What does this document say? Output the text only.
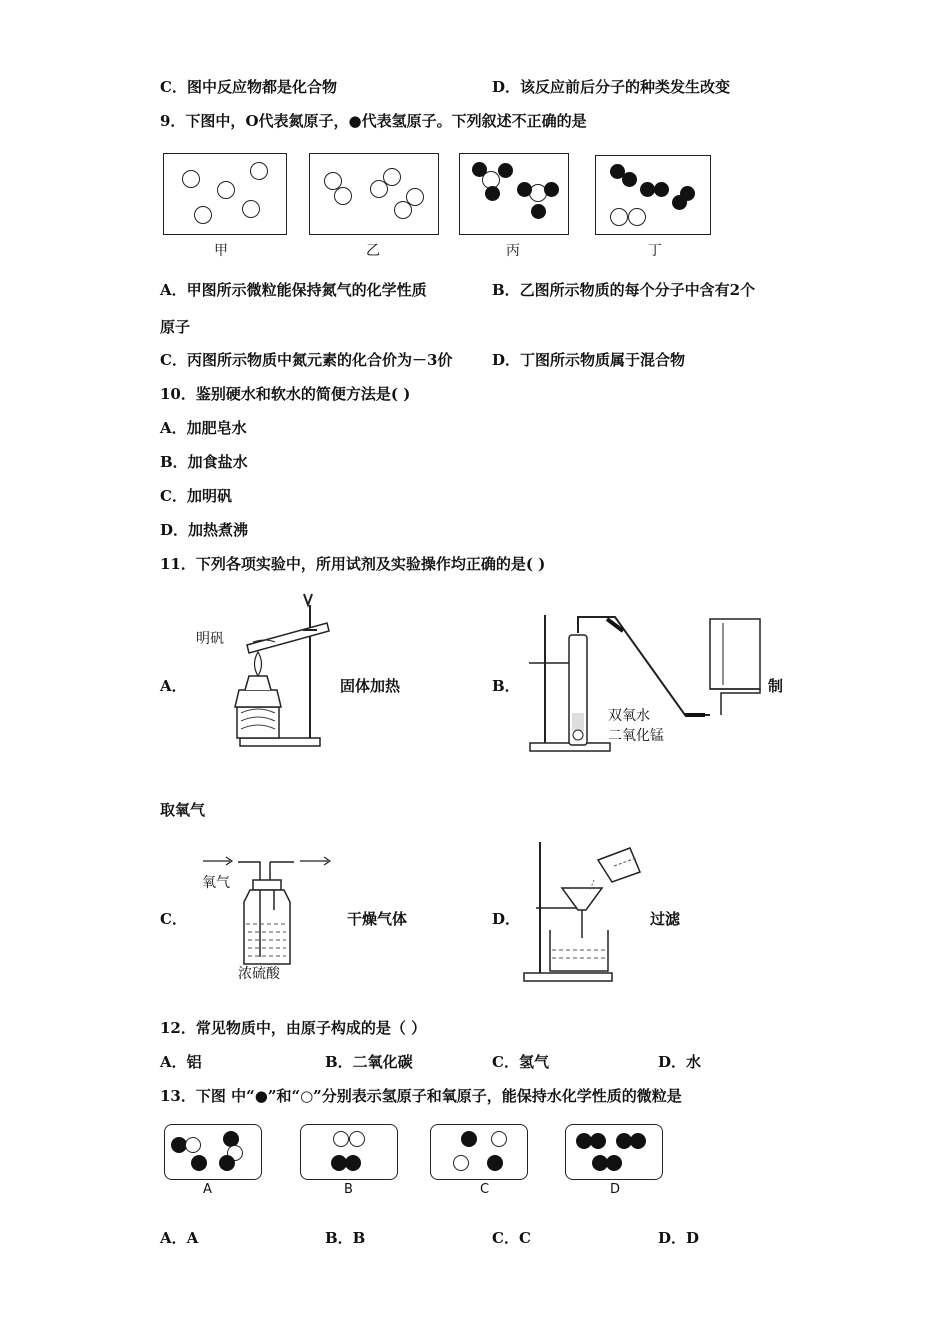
C．图中反应物都是化合物	D．该反应前后分子的种类发生改变
9．下图中，O代表氮原子，●代表氢原子。下列叙述不正确的是
甲	乙	丙	丁
A．甲图所示微粒能保持氮气的化学性质	B．乙图所示物质的每个分子中含有2个
原子
C．丙图所示物质中氮元素的化合价为－3价	D．丁图所示物质属于混合物
10．鉴别硬水和软水的简便方法是( )
A．加肥皂水
B．加食盐水
C．加明矾
D．加热煮沸
11．下列各项实验中，所用试剂及实验操作均正确的是( )
A．
明矾
固体加热	B．
双氧水
二氧化锰
制
取氧气
C．
氧气
浓硫酸
干燥气体	D．	过滤
12．常见物质中，由原子构成的是（ ）
A．铝	B．二氧化碳	C．氢气	D．水
13．下图 中“●”和“○”分别表示氢原子和氧原子，能保持水化学性质的微粒是
A	B	C	D
A．A	B．B	C．C	D．D
